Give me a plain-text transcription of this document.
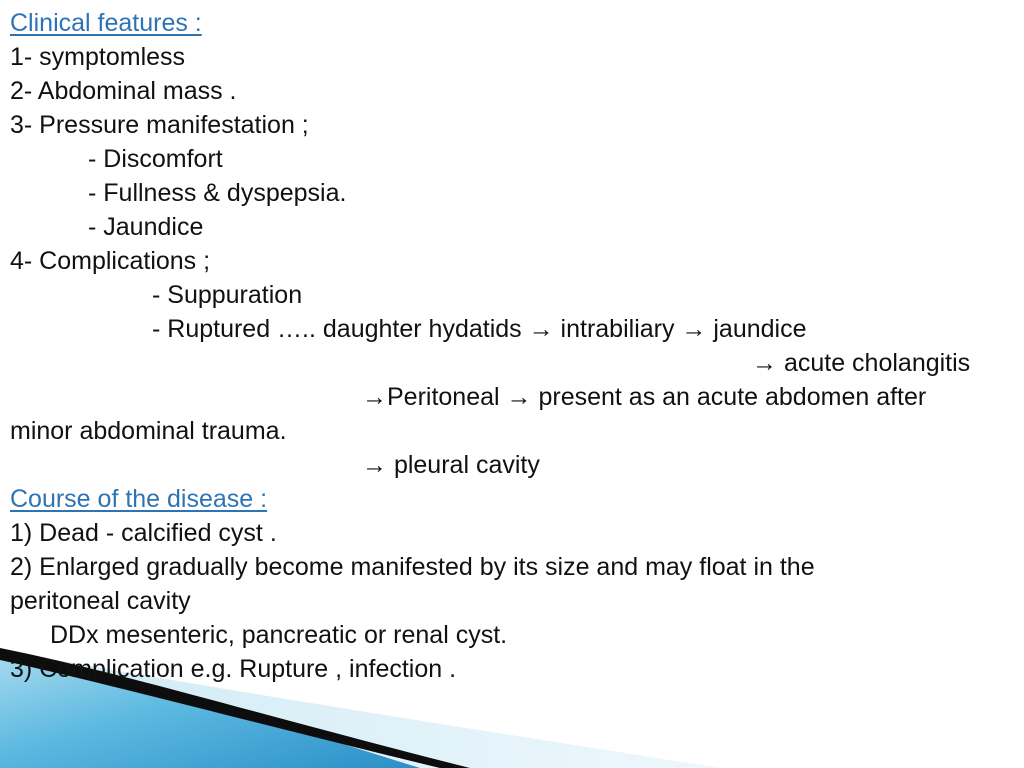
Clinical features :
1- symptomless
2- Abdominal mass .
3- Pressure manifestation ;
- Discomfort
- Fullness & dyspepsia.
- Jaundice
4- Complications ;
- Suppuration
- Ruptured ….. daughter hydatids → intrabiliary → jaundice
→ acute cholangitis
→Peritoneal → present as an acute abdomen after
minor abdominal trauma.
→ pleural cavity
Course of the disease :
1) Dead - calcified cyst .
2) Enlarged gradually become manifested by its size and may float in the
peritoneal cavity
DDx mesenteric, pancreatic or renal cyst.
3) Complication e.g. Rupture , infection .
